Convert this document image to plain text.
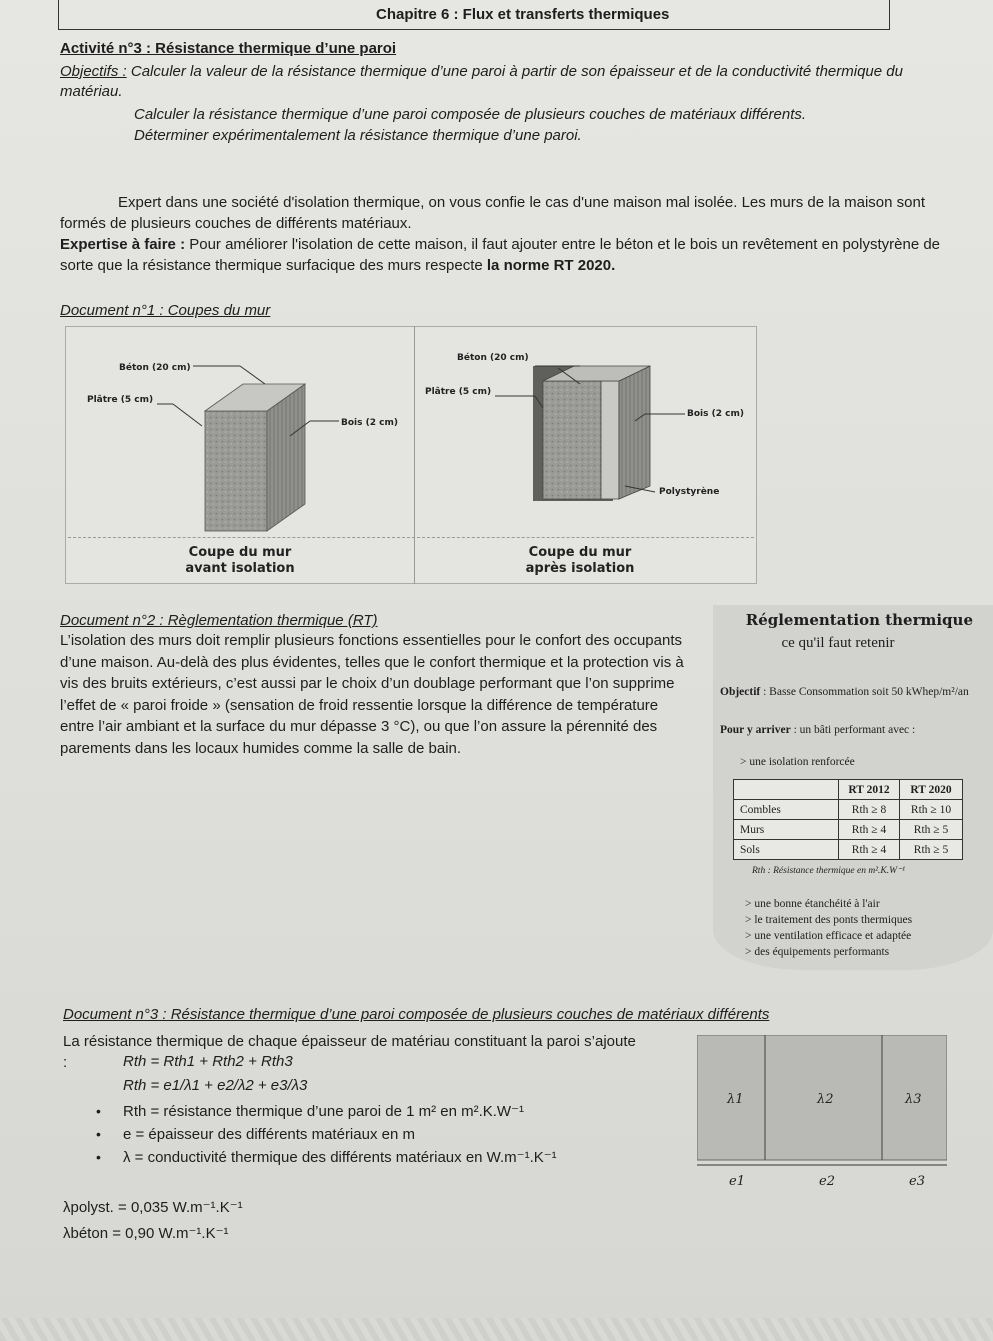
Chapitre 6 : Flux et transferts thermiques
Activité n°3 : Résistance thermique d’une paroi
Objectifs : Calculer la valeur de la résistance thermique d’une paroi à partir de son épaisseur et de la conductivité thermique du matériau.
Calculer la résistance thermique d’une paroi composée de plusieurs couches de matériaux différents.
Déterminer expérimentalement la résistance thermique d’une paroi.
Expert dans une société d'isolation thermique, on vous confie le cas d'une maison mal isolée. Les murs de la maison sont formés de plusieurs couches de différents matériaux.
Expertise à faire : Pour améliorer l'isolation de cette maison, il faut ajouter entre le béton et le bois un revêtement en polystyrène de sorte que la résistance thermique surfacique des murs respecte la norme RT 2020.
Document n°1 : Coupes du mur
Béton (20 cm)
Plâtre (5 cm)
Bois (2 cm)
Béton (20 cm)
Plâtre (5 cm)
Bois (2 cm)
Polystyrène
Coupe du mur
avant isolation
Coupe du mur
après isolation
Document n°2 : Règlementation thermique (RT)
L’isolation des murs doit remplir plusieurs fonctions essentielles pour le confort des occupants d’une maison. Au-delà des plus évidentes, telles que le confort thermique et la protection vis à vis des bruits extérieurs, c’est aussi par le choix d’un doublage performant que l’on supprime l’effet de « paroi froide » (sensation de froid ressentie lorsque la différence de température entre l’air ambiant et la surface du mur dépasse 3 °C), ou que l’on assure la pérennité des parements dans les locaux humides comme la salle de bain.
Réglementation thermique
ce qu'il faut retenir
Objectif : Basse Consommation soit 50 kWhep/m²/an
Pour y arriver : un bâti performant avec :
> une isolation renforcée
	RT 2012	RT 2020
Combles	Rth ≥ 8	Rth ≥ 10
Murs	Rth ≥ 4	Rth ≥ 5
Sols	Rth ≥ 4	Rth ≥ 5
Rth : Résistance thermique en m².K.W⁻¹
> une bonne étanchéité à l'air
> le traitement des ponts thermiques
> une ventilation efficace et adaptée
> des équipements performants
Document n°3 : Résistance thermique d’une paroi composée de plusieurs couches de matériaux différents
La résistance thermique de chaque épaisseur de matériau constituant la paroi s’ajoute :	Rth = Rth1 + Rth2 + Rth3
Rth = e1/λ1 + e2/λ2 + e3/λ3
• Rth = résistance thermique d’une paroi de 1 m² en m².K.W⁻¹
• e = épaisseur des différents matériaux en m
• λ = conductivité thermique des différents matériaux en W.m⁻¹.K⁻¹
λpolyst. = 0,035 W.m⁻¹.K⁻¹
λbéton = 0,90 W.m⁻¹.K⁻¹
λ1	λ2	λ3
e1	e2	e3
